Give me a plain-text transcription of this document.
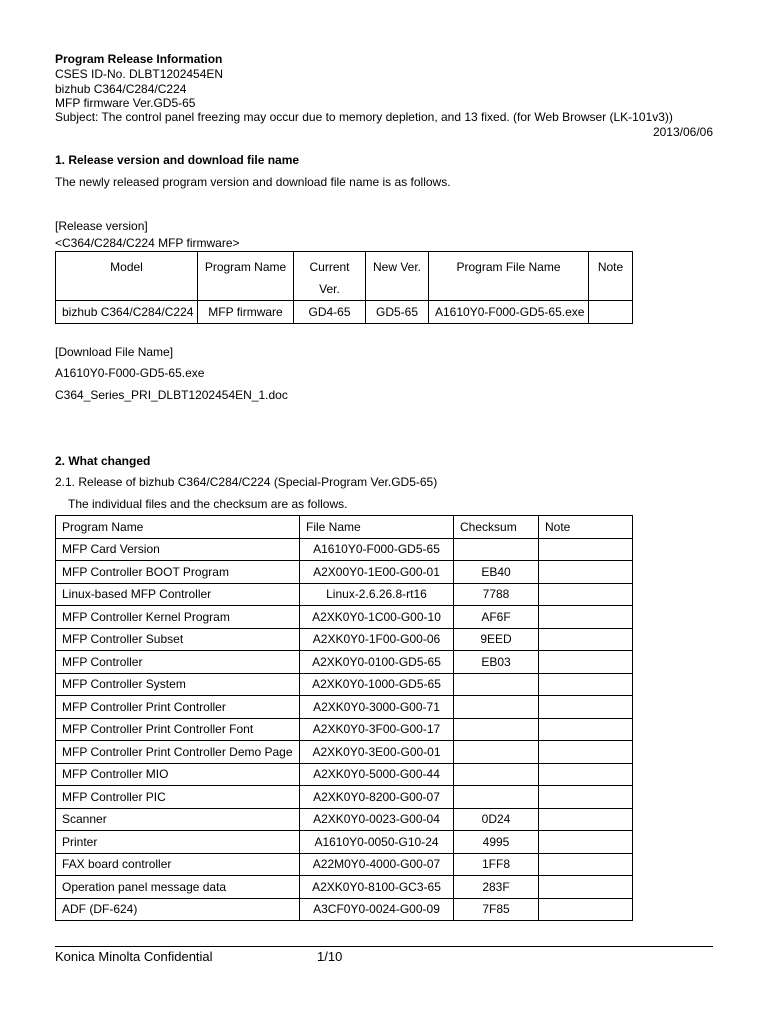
Program Release Information
CSES ID-No. DLBT1202454EN
bizhub C364/C284/C224
MFP firmware Ver.GD5-65
Subject: The control panel freezing may occur due to memory depletion, and 13 fixed. (for Web Browser (LK-101v3))
2013/06/06
1. Release version and download file name
The newly released program version and download file name is as follows.
[Release version]
<C364/C284/C224 MFP firmware>
Model	Program Name	Current Ver.	New Ver.	Program File Name	Note
bizhub C364/C284/C224	MFP firmware	GD4-65	GD5-65	A1610Y0-F000-GD5-65.exe	
[Download File Name]
A1610Y0-F000-GD5-65.exe
C364_Series_PRI_DLBT1202454EN_1.doc
2. What changed
2.1. Release of bizhub C364/C284/C224 (Special-Program Ver.GD5-65)
The individual files and the checksum are as follows.
Program Name	File Name	Checksum	Note
MFP Card Version	A1610Y0-F000-GD5-65		
MFP Controller BOOT Program	A2X00Y0-1E00-G00-01	EB40	
Linux-based MFP Controller	Linux-2.6.26.8-rt16	7788	
MFP Controller Kernel Program	A2XK0Y0-1C00-G00-10	AF6F	
MFP Controller Subset	A2XK0Y0-1F00-G00-06	9EED	
MFP Controller	A2XK0Y0-0100-GD5-65	EB03	
MFP Controller System	A2XK0Y0-1000-GD5-65		
MFP Controller Print Controller	A2XK0Y0-3000-G00-71		
MFP Controller Print Controller Font	A2XK0Y0-3F00-G00-17		
MFP Controller Print Controller Demo Page	A2XK0Y0-3E00-G00-01		
MFP Controller MIO	A2XK0Y0-5000-G00-44		
MFP Controller PIC	A2XK0Y0-8200-G00-07		
Scanner	A2XK0Y0-0023-G00-04	0D24	
Printer	A1610Y0-0050-G10-24	4995	
FAX board controller	A22M0Y0-4000-G00-07	1FF8	
Operation panel message data	A2XK0Y0-8100-GC3-65	283F	
ADF (DF-624)	A3CF0Y0-0024-G00-09	7F85	
Konica Minolta Confidential	1/10
